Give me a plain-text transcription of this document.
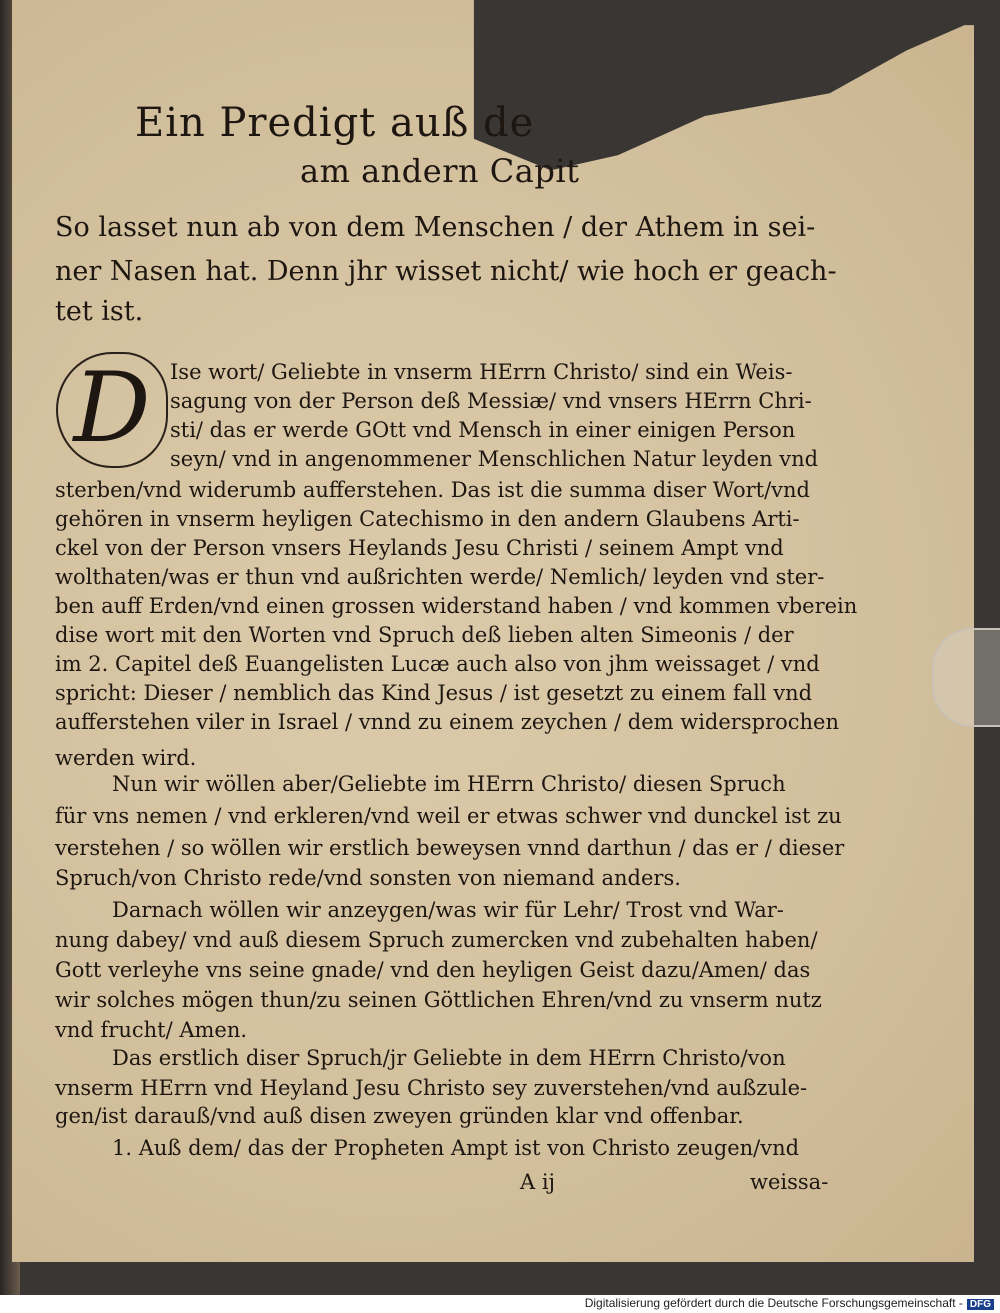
Ein Predigt auß de
am andern Capit
So lasset nun ab von dem Menschen / der Athem in sei-
ner Nasen hat. Denn jhr wisset nicht/ wie hoch er geach-
tet ist.
D Ise wort/ Geliebte in vnserm HErrn Christo/ sind ein Weis-
sagung von der Person deß Messiæ/ vnd vnsers HErrn Chri-
sti/ das er werde GOtt vnd Mensch in einer einigen Person
seyn/ vnd in angenommener Menschlichen Natur leyden vnd
sterben/vnd widerumb aufferstehen. Das ist die summa diser Wort/vnd
gehören in vnserm heyligen Catechismo in den andern Glaubens Arti-
ckel von der Person vnsers Heylands Jesu Christi / seinem Ampt vnd
wolthaten/was er thun vnd außrichten werde/ Nemlich/ leyden vnd ster-
ben auff Erden/vnd einen grossen widerstand haben / vnd kommen vberein
dise wort mit den Worten vnd Spruch deß lieben alten Simeonis / der
im 2. Capitel deß Euangelisten Lucæ auch also von jhm weissaget / vnd
spricht: Dieser / nemblich das Kind Jesus / ist gesetzt zu einem fall vnd
aufferstehen viler in Israel / vnnd zu einem zeychen / dem widersprochen
werden wird.
Nun wir wöllen aber/Geliebte im HErrn Christo/ diesen Spruch
für vns nemen / vnd erkleren/vnd weil er etwas schwer vnd dunckel ist zu
verstehen / so wöllen wir erstlich beweysen vnnd darthun / das er / dieser
Spruch/von Christo rede/vnd sonsten von niemand anders.
Darnach wöllen wir anzeygen/was wir für Lehr/ Trost vnd War-
nung dabey/ vnd auß diesem Spruch zumercken vnd zubehalten haben/
Gott verleyhe vns seine gnade/ vnd den heyligen Geist dazu/Amen/ das
wir solches mögen thun/zu seinen Göttlichen Ehren/vnd zu vnserm nutz
vnd frucht/ Amen.
Das erstlich diser Spruch/jr Geliebte in dem HErrn Christo/von
vnserm HErrn vnd Heyland Jesu Christo sey zuverstehen/vnd außzule-
gen/ist darauß/vnd auß disen zweyen gründen klar vnd offenbar.
1. Auß dem/ das der Propheten Ampt ist von Christo zeugen/vnd
A ij	weissa-
Digitalisierung gefördert durch die Deutsche Forschungsgemeinschaft - DFG
